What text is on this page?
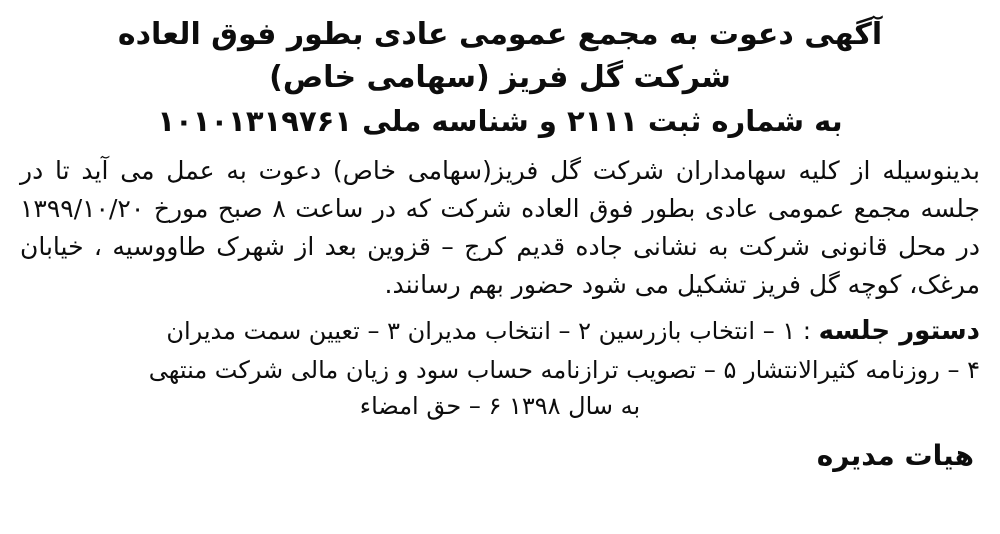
آگهی دعوت به مجمع عمومی عادی بطور فوق العاده
شرکت گل فریز (سهامی خاص)
به شماره ثبت ۲۱۱۱ و شناسه ملی ۱۰۱۰۱۳۱۹۷۶۱

بدینوسیله از کلیه سهامداران شرکت گل فریز(سهامی خاص) دعوت به عمل می آید تا در جلسه مجمع عمومی عادی بطور فوق العاده شرکت که در ساعت ۸ صبح مورخ ۱۳۹۹/۱۰/۲۰ در محل قانونی شرکت به نشانی جاده قدیم کرج – قزوین بعد از شهرک طاووسیه ، خیابان مرغک، کوچه گل فریز تشکیل می شود حضور بهم رسانند.

دستور جلسه : ۱ – انتخاب بازرسین ۲ – انتخاب مدیران ۳ – تعیین سمت مدیران

۴ – روزنامه کثیرالانتشار ۵ – تصویب ترازنامه حساب سود و زیان مالی شرکت منتهی

به سال ۱۳۹۸ ۶ – حق امضاء

هیات مدیره
